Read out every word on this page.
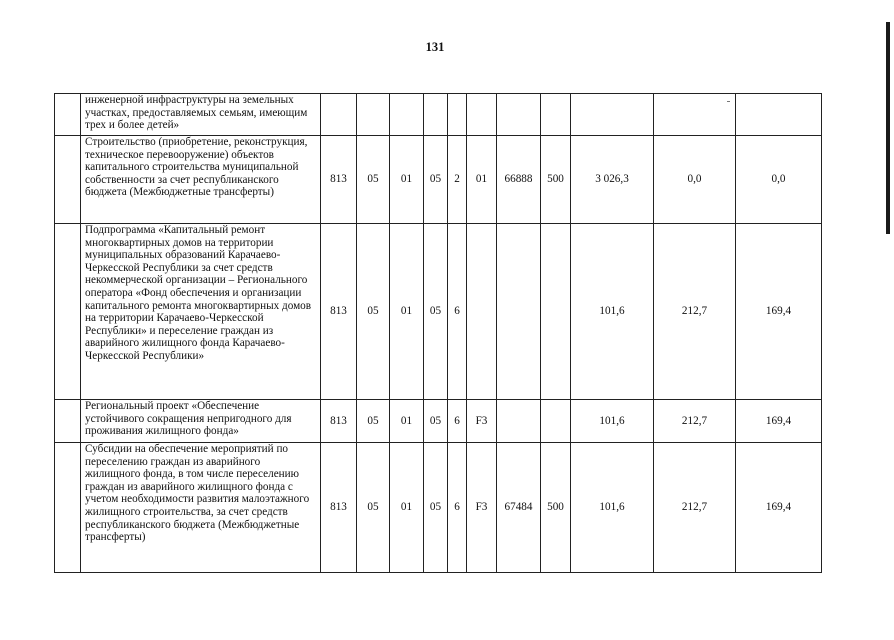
131
	инженерной инфраструктуры на земельных участках, предоставляемых семьям, имеющим трех и более детей»											
	Строительство (приобретение, реконструкция, техническое перевооружение) объектов капитального строительства муниципальной собственности за счет республиканского бюджета (Межбюджетные трансферты)	813	05	01	05	2	01	66888	500	3 026,3	0,0	0,0
	Подпрограмма «Капитальный ремонт многоквартирных домов на территории муниципальных образований Карачаево-Черкесской Республики за счет средств некоммерческой организации – Регионального оператора «Фонд обеспечения и организации капитального ремонта многоквартирных домов на территории Карачаево-Черкесской Республики» и переселение граждан из аварийного жилищного фонда Карачаево-Черкесской Республики»	813	05	01	05	6				101,6	212,7	169,4
	Региональный проект «Обеспечение устойчивого сокращения непригодного для проживания жилищного фонда»	813	05	01	05	6	F3			101,6	212,7	169,4
	Субсидии на обеспечение мероприятий по переселению граждан из аварийного жилищного фонда, в том числе переселению граждан из аварийного жилищного фонда с учетом необходимости развития малоэтажного жилищного строительства, за счет средств республиканского бюджета (Межбюджетные трансферты)	813	05	01	05	6	F3	67484	500	101,6	212,7	169,4
